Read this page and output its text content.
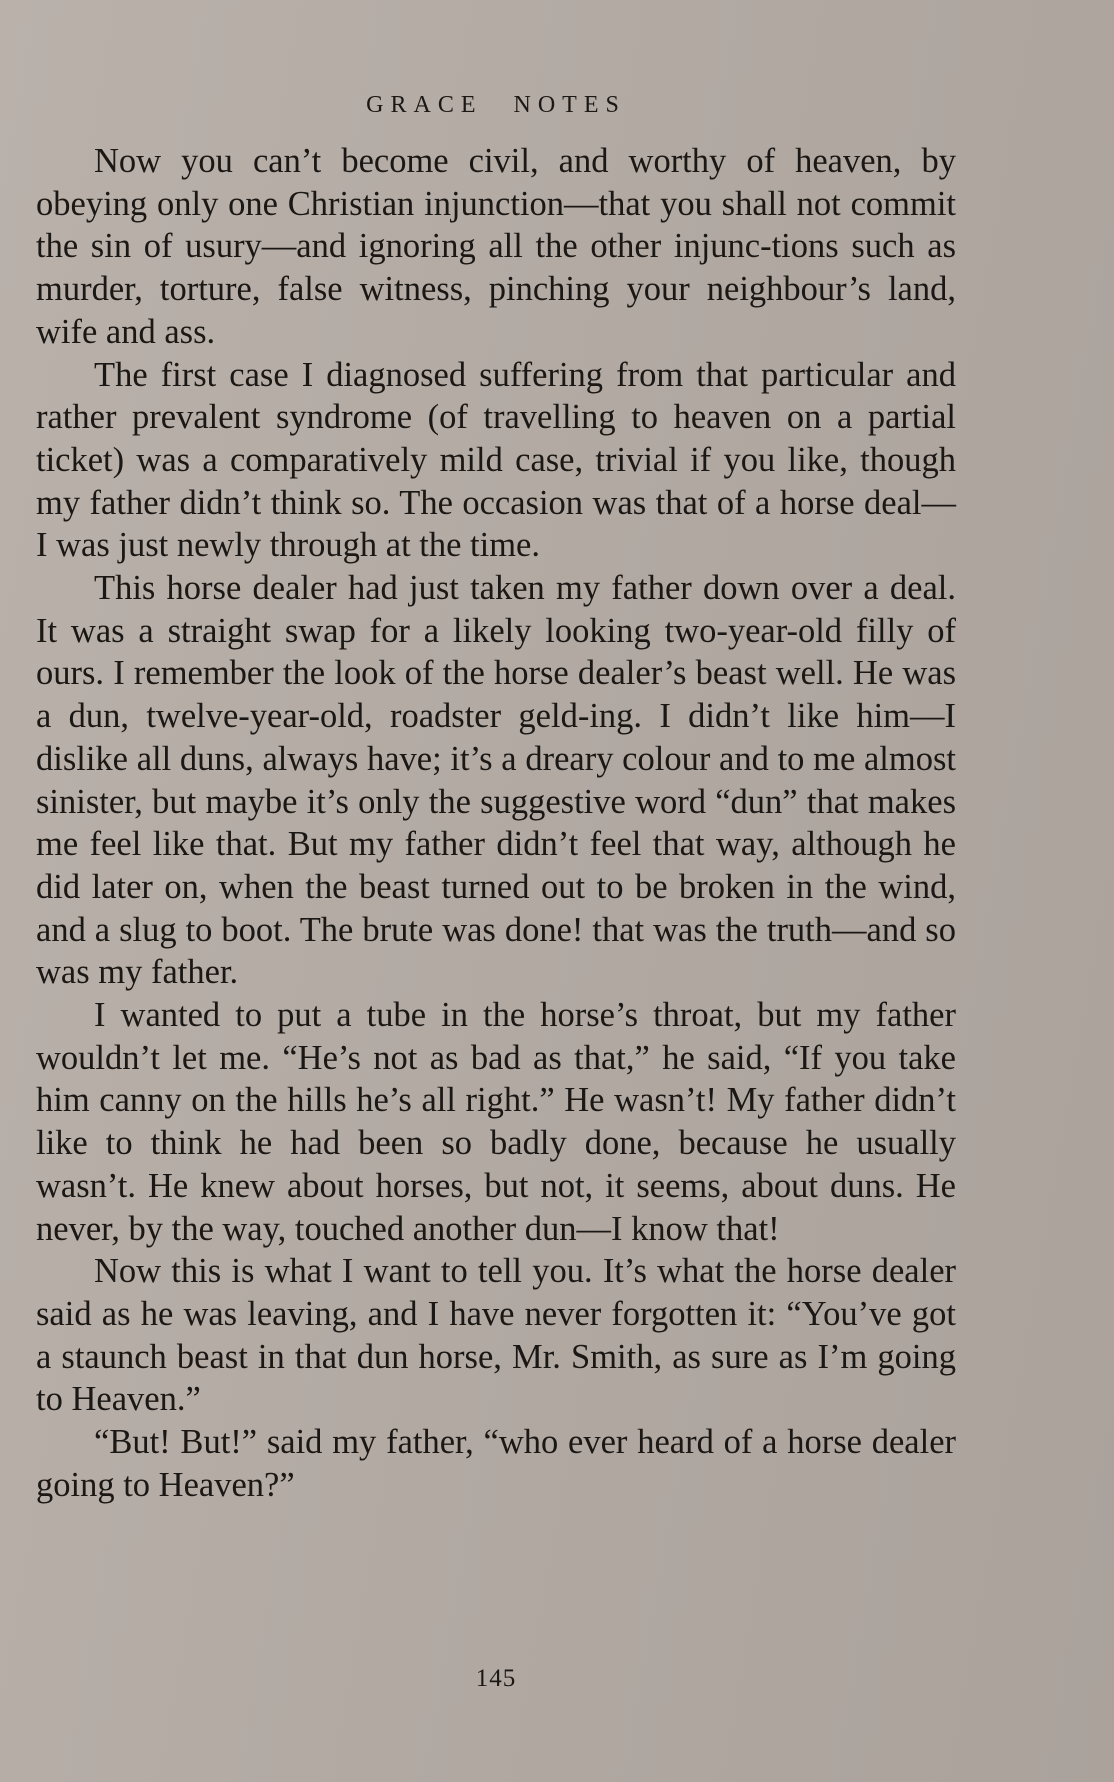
GRACE NOTES

Now you can’t become civil, and worthy of heaven, by obeying only one Christian injunction—that you shall not commit the sin of usury—and ignoring all the other injunc-tions such as murder, torture, false witness, pinching your neighbour’s land, wife and ass.

The first case I diagnosed suffering from that particular and rather prevalent syndrome (of travelling to heaven on a partial ticket) was a comparatively mild case, trivial if you like, though my father didn’t think so. The occasion was that of a horse deal—I was just newly through at the time.

This horse dealer had just taken my father down over a deal. It was a straight swap for a likely looking two-year-old filly of ours. I remember the look of the horse dealer’s beast well. He was a dun, twelve-year-old, roadster geld-ing. I didn’t like him—I dislike all duns, always have; it’s a dreary colour and to me almost sinister, but maybe it’s only the suggestive word “dun” that makes me feel like that. But my father didn’t feel that way, although he did later on, when the beast turned out to be broken in the wind, and a slug to boot. The brute was done! that was the truth—and so was my father.

I wanted to put a tube in the horse’s throat, but my father wouldn’t let me. “He’s not as bad as that,” he said, “If you take him canny on the hills he’s all right.” He wasn’t! My father didn’t like to think he had been so badly done, because he usually wasn’t. He knew about horses, but not, it seems, about duns. He never, by the way, touched another dun—I know that!

Now this is what I want to tell you. It’s what the horse dealer said as he was leaving, and I have never forgotten it: “You’ve got a staunch beast in that dun horse, Mr. Smith, as sure as I’m going to Heaven.”

“But! But!” said my father, “who ever heard of a horse dealer going to Heaven?”

145
